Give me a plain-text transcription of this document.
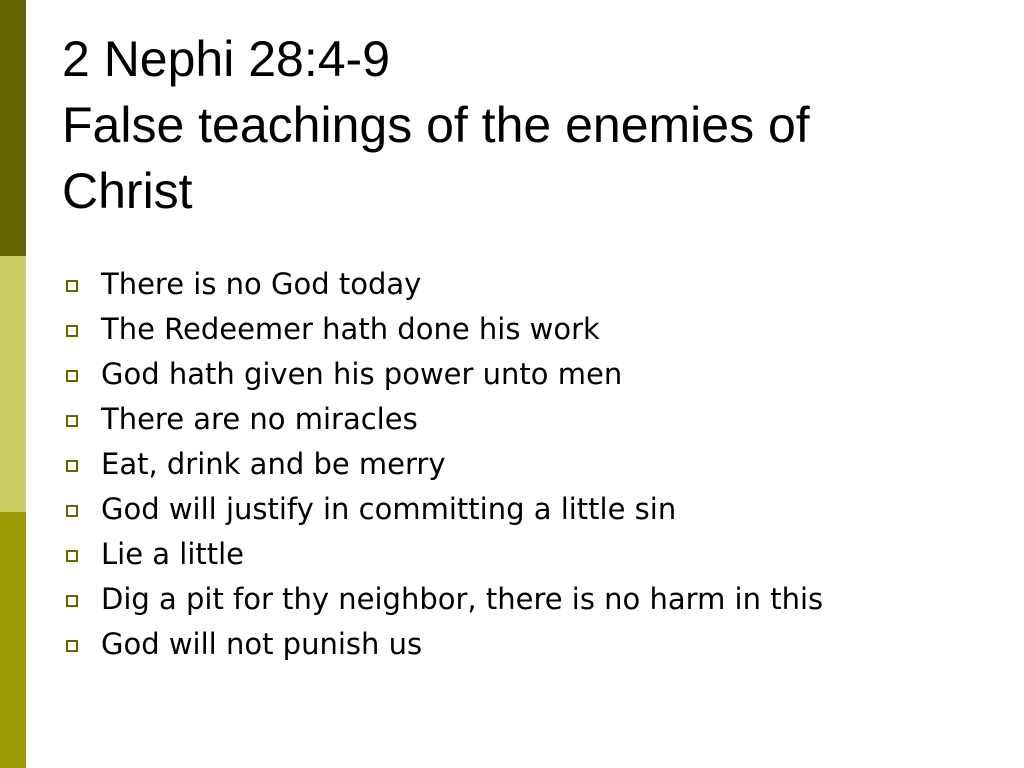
2 Nephi 28:4-9
False teachings of the enemies of
Christ
There is no God today
The Redeemer hath done his work
God hath given his power unto men
There are no miracles
Eat, drink and be merry
God will justify in committing a little sin
Lie a little
Dig a pit for thy neighbor, there is no harm in this
God will not punish us
